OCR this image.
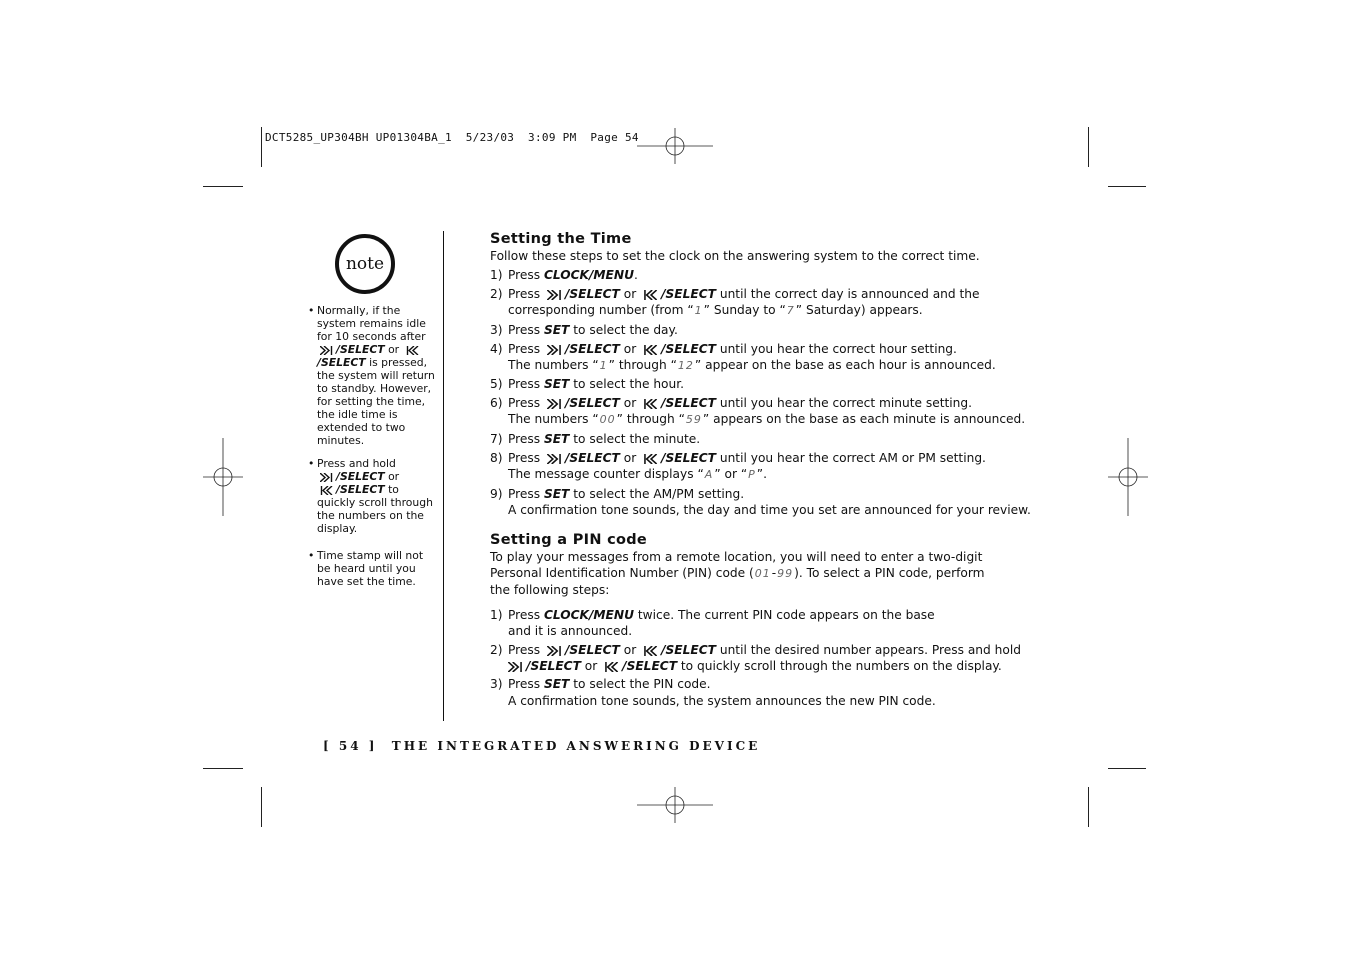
DCT5285_UP304BH UP01304BA_1  5/23/03  3:09 PM  Page 54
note
• Normally, if the system remains idle for 10 seconds after /SELECT or /SELECT is pressed, the system will return to standby. However, for setting the time, the idle time is extended to two minutes.
• Press and hold
/SELECT or
/SELECT to quickly scroll through the numbers on the display.
• Time stamp will not be heard until you have set the time.
Setting the Time

Follow these steps to set the clock on the answering system to the correct time.

1) Press CLOCK/MENU.
2) Press /SELECT or /SELECT until the correct day is announced and the corresponding number (from “1” Sunday to “7” Saturday) appears.
3) Press SET to select the day.
4) Press /SELECT or /SELECT until you hear the correct hour setting.
The numbers “1” through “12” appear on the base as each hour is announced.
5) Press SET to select the hour.
6) Press /SELECT or /SELECT until you hear the correct minute setting.
The numbers “00” through “59” appears on the base as each minute is announced.
7) Press SET to select the minute.
8) Press /SELECT or /SELECT until you hear the correct AM or PM setting.
The message counter displays “A” or “P”.
9) Press SET to select the AM/PM setting.
A confirmation tone sounds, the day and time you set are announced for your review.
Setting a PIN code

To play your messages from a remote location, you will need to enter a two-digit Personal Identification Number (PIN) code (01-99). To select a PIN code, perform the following steps:

1) Press CLOCK/MENU twice. The current PIN code appears on the base
and it is announced.
2) Press /SELECT or /SELECT until the desired number appears. Press and hold
/SELECT or /SELECT to quickly scroll through the numbers on the display.
3) Press SET to select the PIN code.
A confirmation tone sounds, the system announces the new PIN code.
[ 54 ]  THE INTEGRATED ANSWERING DEVICE
